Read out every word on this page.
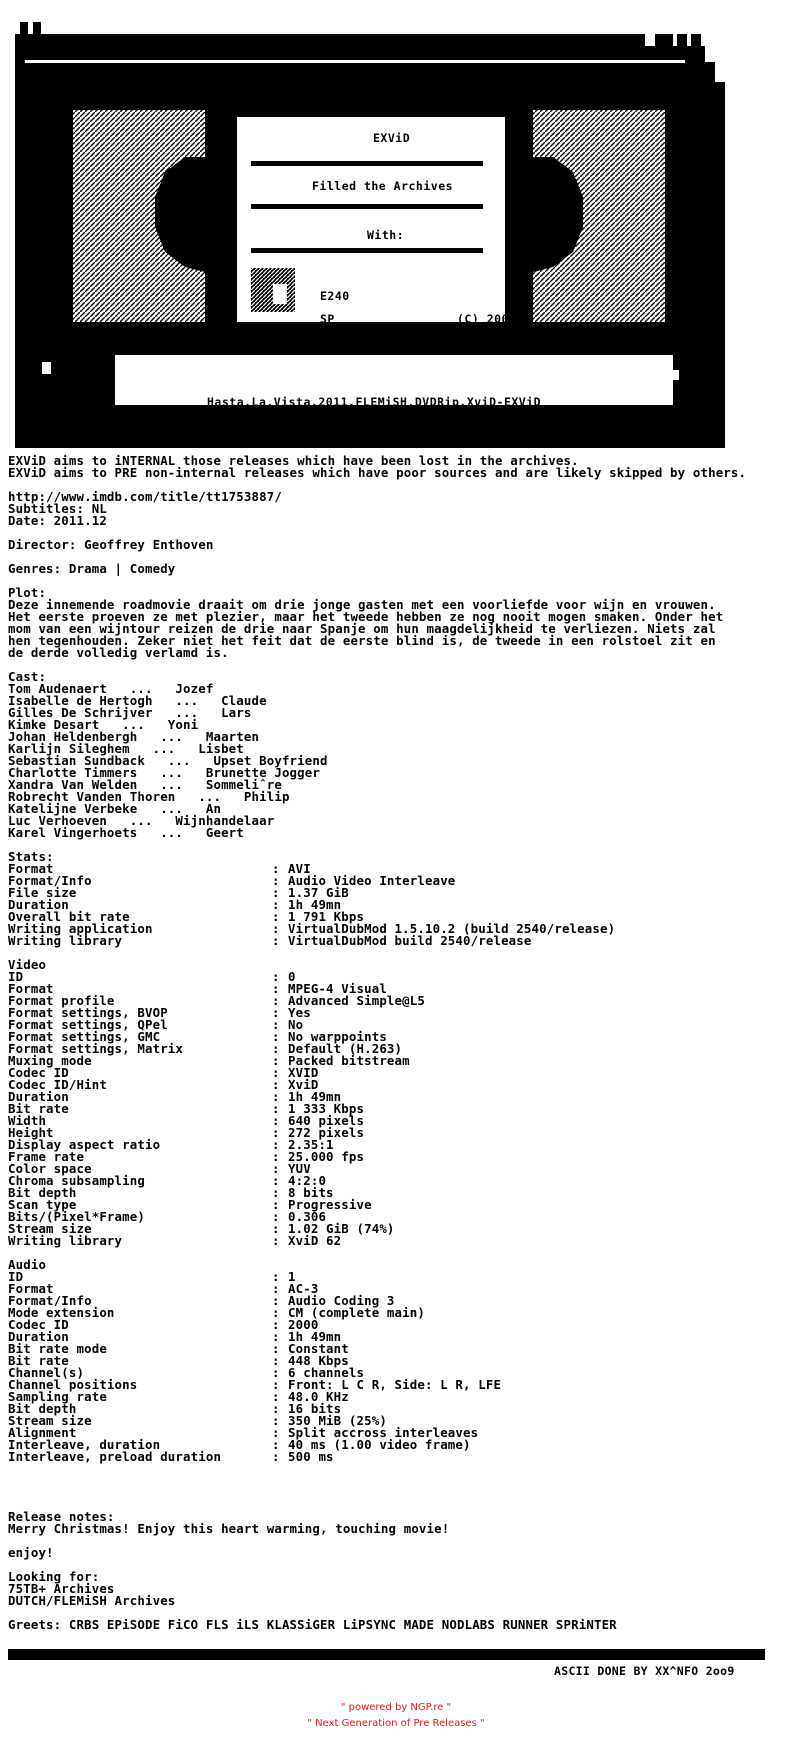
EXViD
Filled the Archives
With:
E240
SP	(C) 2009
Hasta.La.Vista.2011.FLEMiSH.DVDRip.XviD-EXViD
EXViD aims to iNTERNAL those releases which have been lost in the archives.
EXViD aims to PRE non-internal releases which have poor sources and are likely skipped by others.
http://www.imdb.com/title/tt1753887/
Subtitles: NL
Date: 2011.12
Director: Geoffrey Enthoven
Genres: Drama | Comedy
Plot:
Deze innemende roadmovie draait om drie jonge gasten met een voorliefde voor wijn en vrouwen.
Het eerste proeven ze met plezier, maar het tweede hebben ze nog nooit mogen smaken. Onder het
mom van een wijntour reizen de drie naar Spanje om hun maagdelijkheid te verliezen. Niets zal
hen tegenhouden. Zeker niet het feit dat de eerste blind is, de tweede in een rolstoel zit en
de derde volledig verlamd is.
Cast:
Tom Audenaert   ...   Jozef
Isabelle de Hertogh   ...   Claude
Gilles De Schrijver   ...   Lars
Kimke Desart   ...   Yoni
Johan Heldenbergh   ...   Maarten
Karlijn Sileghem   ...   Lisbet
Sebastian Sundback   ...   Upset Boyfriend
Charlotte Timmers   ...   Brunette Jogger
Xandra Van Welden   ...   Sommeliˆre
Robrecht Vanden Thoren   ...   Philip
Katelijne Verbeke   ...   An
Luc Verhoeven   ...   Wijnhandelaar
Karel Vingerhoets   ...   Geert
Stats:
Format	: AVI
Format/Info	: Audio Video Interleave
File size	: 1.37 GiB
Duration	: 1h 49mn
Overall bit rate	: 1 791 Kbps
Writing application	: VirtualDubMod 1.5.10.2 (build 2540/release)
Writing library	: VirtualDubMod build 2540/release
Video
ID	: 0
Format	: MPEG-4 Visual
Format profile	: Advanced Simple@L5
Format settings, BVOP	: Yes
Format settings, QPel	: No
Format settings, GMC	: No warppoints
Format settings, Matrix	: Default (H.263)
Muxing mode	: Packed bitstream
Codec ID	: XVID
Codec ID/Hint	: XviD
Duration	: 1h 49mn
Bit rate	: 1 333 Kbps
Width	: 640 pixels
Height	: 272 pixels
Display aspect ratio	: 2.35:1
Frame rate	: 25.000 fps
Color space	: YUV
Chroma subsampling	: 4:2:0
Bit depth	: 8 bits
Scan type	: Progressive
Bits/(Pixel*Frame)	: 0.306
Stream size	: 1.02 GiB (74%)
Writing library	: XviD 62
Audio
ID	: 1
Format	: AC-3
Format/Info	: Audio Coding 3
Mode extension	: CM (complete main)
Codec ID	: 2000
Duration	: 1h 49mn
Bit rate mode	: Constant
Bit rate	: 448 Kbps
Channel(s)	: 6 channels
Channel positions	: Front: L C R, Side: L R, LFE
Sampling rate	: 48.0 KHz
Bit depth	: 16 bits
Stream size	: 350 MiB (25%)
Alignment	: Split accross interleaves
Interleave, duration	: 40 ms (1.00 video frame)
Interleave, preload duration	: 500 ms
Release notes:
Merry Christmas! Enjoy this heart warming, touching movie!
enjoy!
Looking for:
75TB+ Archives
DUTCH/FLEMiSH Archives
Greets: CRBS EPiSODE FiCO FLS iLS KLASSiGER LiPSYNC MADE NODLABS RUNNER SPRiNTER
ASCII DONE BY XX^NFO 2oo9
" powered by NGP.re "
" Next Generation of Pre Releases "
